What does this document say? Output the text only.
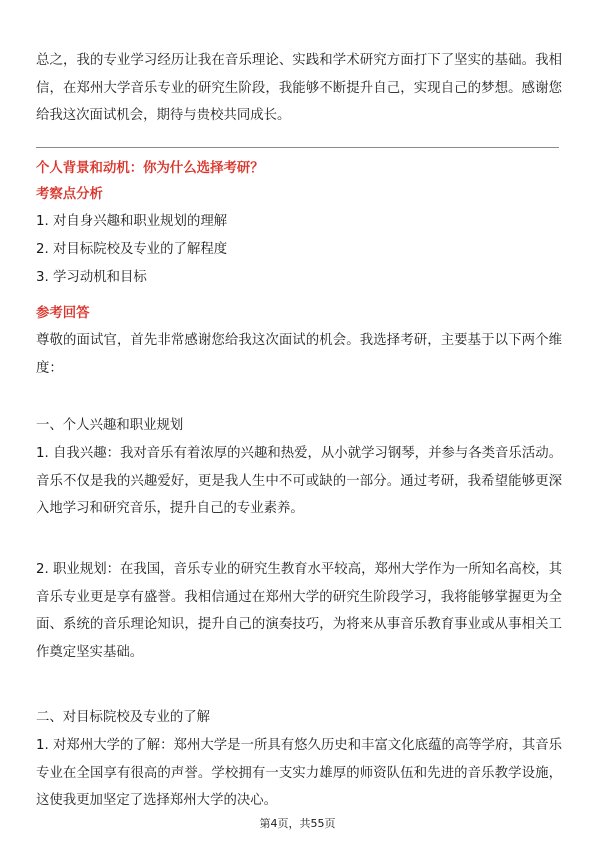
总之，我的专业学习经历让我在音乐理论、实践和学术研究方面打下了坚实的基础。我相信，在郑州大学音乐专业的研究生阶段，我能够不断提升自己，实现自己的梦想。感谢您给我这次面试机会，期待与贵校共同成长。
个人背景和动机：你为什么选择考研？
考察点分析
1. 对自身兴趣和职业规划的理解
2. 对目标院校及专业的了解程度
3. 学习动机和目标
参考回答
尊敬的面试官，首先非常感谢您给我这次面试的机会。我选择考研，主要基于以下两个维度：
一、个人兴趣和职业规划
1. 自我兴趣：我对音乐有着浓厚的兴趣和热爱，从小就学习钢琴，并参与各类音乐活动。音乐不仅是我的兴趣爱好，更是我人生中不可或缺的一部分。通过考研，我希望能够更深入地学习和研究音乐，提升自己的专业素养。
2. 职业规划：在我国，音乐专业的研究生教育水平较高，郑州大学作为一所知名高校，其音乐专业更是享有盛誉。我相信通过在郑州大学的研究生阶段学习，我将能够掌握更为全面、系统的音乐理论知识，提升自己的演奏技巧，为将来从事音乐教育事业或从事相关工作奠定坚实基础。
二、对目标院校及专业的了解
1. 对郑州大学的了解：郑州大学是一所具有悠久历史和丰富文化底蕴的高等学府，其音乐专业在全国享有很高的声誉。学校拥有一支实力雄厚的师资队伍和先进的音乐教学设施，这使我更加坚定了选择郑州大学的决心。
第4页，共55页
